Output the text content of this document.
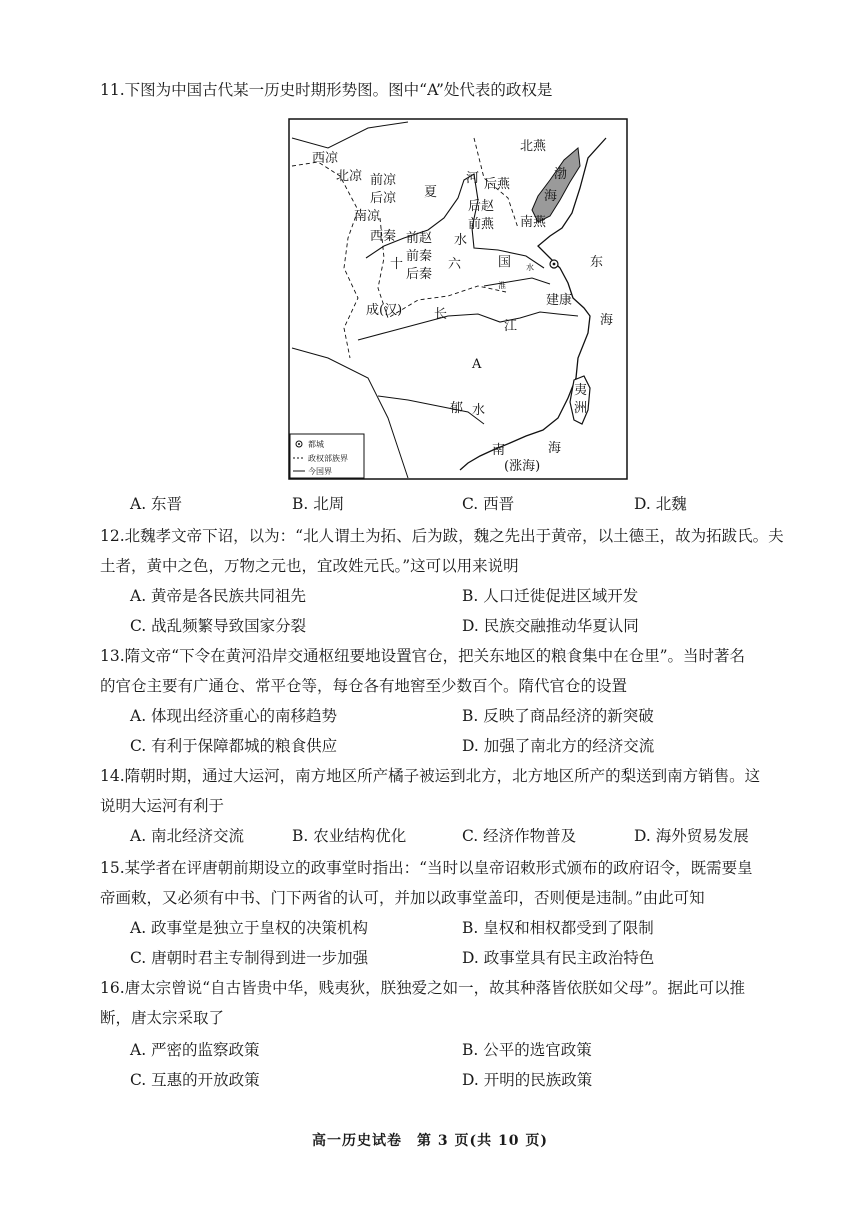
11.下图为中国古代某一历史时期形势图。图中“A”处代表的政权是
西凉
北凉 前凉
后凉
南凉
西秦
夏
前赵
前秦
后秦
十	六	国
河
水
后燕
后赵
前燕
北燕
渤
海
南燕
成(汉) 长
江
淮
水
建康
东
海
A
郁 水
夷
洲
南	海
(涨海)
都城
政权部族界
今国界
A. 东晋	B. 北周	C. 西晋	D. 北魏
12.北魏孝文帝下诏，以为：“北人谓土为拓、后为跋，魏之先出于黄帝，以土德王，故为拓跋氏。夫
土者，黄中之色，万物之元也，宜改姓元氏。”这可以用来说明
A. 黄帝是各民族共同祖先	B. 人口迁徙促进区域开发
C. 战乱频繁导致国家分裂	D. 民族交融推动华夏认同
13.隋文帝“下令在黄河沿岸交通枢纽要地设置官仓，把关东地区的粮食集中在仓里”。当时著名
的官仓主要有广通仓、常平仓等，每仓各有地窖至少数百个。隋代官仓的设置
A. 体现出经济重心的南移趋势	B. 反映了商品经济的新突破
C. 有利于保障都城的粮食供应	D. 加强了南北方的经济交流
14.隋朝时期，通过大运河，南方地区所产橘子被运到北方，北方地区所产的梨送到南方销售。这
说明大运河有利于
A. 南北经济交流	B. 农业结构优化	C. 经济作物普及	D. 海外贸易发展
15.某学者在评唐朝前期设立的政事堂时指出：“当时以皇帝诏敕形式颁布的政府诏令，既需要皇
帝画敕，又必须有中书、门下两省的认可，并加以政事堂盖印，否则便是违制。”由此可知
A. 政事堂是独立于皇权的决策机构	B. 皇权和相权都受到了限制
C. 唐朝时君主专制得到进一步加强	D. 政事堂具有民主政治特色
16.唐太宗曾说“自古皆贵中华，贱夷狄，朕独爱之如一，故其种落皆依朕如父母”。据此可以推
断，唐太宗采取了
A. 严密的监察政策	B. 公平的选官政策
C. 互惠的开放政策	D. 开明的民族政策
高一历史试卷　第 3 页(共 10 页)
